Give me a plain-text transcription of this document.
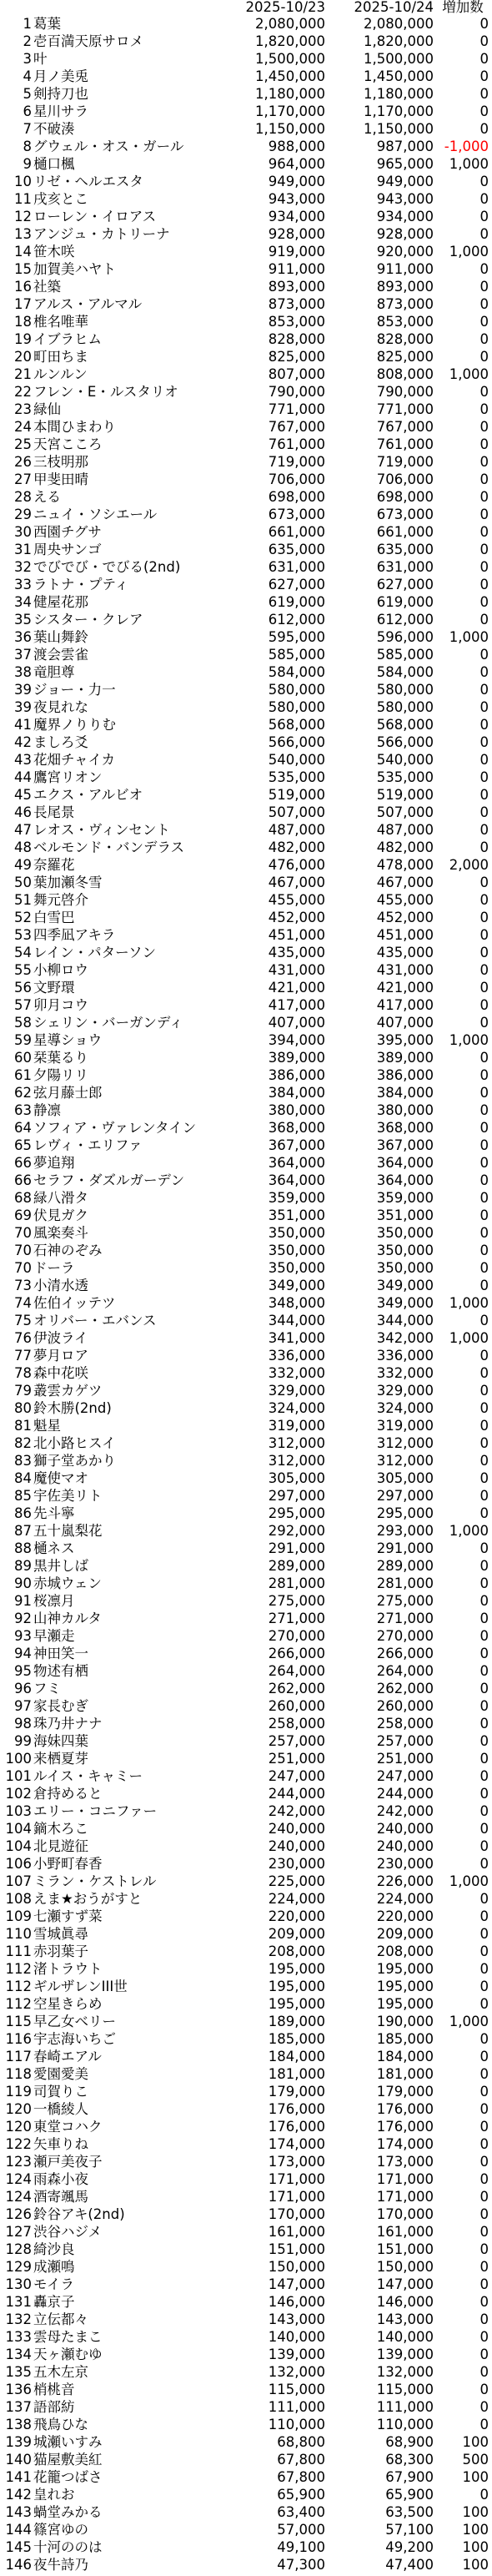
		2025-10/23	2025-10/24	増加数
1	葛葉	2,080,000	2,080,000	0
2	壱百満天原サロメ	1,820,000	1,820,000	0
3	叶	1,500,000	1,500,000	0
4	月ノ美兎	1,450,000	1,450,000	0
5	剣持刀也	1,180,000	1,180,000	0
6	星川サラ	1,170,000	1,170,000	0
7	不破湊	1,150,000	1,150,000	0
8	グウェル・オス・ガール	988,000	987,000	-1,000
9	樋口楓	964,000	965,000	1,000
10	リゼ・ヘルエスタ	949,000	949,000	0
11	戌亥とこ	943,000	943,000	0
12	ローレン・イロアス	934,000	934,000	0
13	アンジュ・カトリーナ	928,000	928,000	0
14	笹木咲	919,000	920,000	1,000
15	加賀美ハヤト	911,000	911,000	0
16	社築	893,000	893,000	0
17	アルス・アルマル	873,000	873,000	0
18	椎名唯華	853,000	853,000	0
19	イブラヒム	828,000	828,000	0
20	町田ちま	825,000	825,000	0
21	ルンルン	807,000	808,000	1,000
22	フレン・E・ルスタリオ	790,000	790,000	0
23	緑仙	771,000	771,000	0
24	本間ひまわり	767,000	767,000	0
25	天宮こころ	761,000	761,000	0
26	三枝明那	719,000	719,000	0
27	甲斐田晴	706,000	706,000	0
28	える	698,000	698,000	0
29	ニュイ・ソシエール	673,000	673,000	0
30	西園チグサ	661,000	661,000	0
31	周央サンゴ	635,000	635,000	0
32	でびでび・でびる(2nd)	631,000	631,000	0
33	ラトナ・プティ	627,000	627,000	0
34	健屋花那	619,000	619,000	0
35	シスター・クレア	612,000	612,000	0
36	葉山舞鈴	595,000	596,000	1,000
37	渡会雲雀	585,000	585,000	0
38	竜胆尊	584,000	584,000	0
39	ジョー・力一	580,000	580,000	0
39	夜見れな	580,000	580,000	0
41	魔界ノりりむ	568,000	568,000	0
42	ましろ爻	566,000	566,000	0
43	花畑チャイカ	540,000	540,000	0
44	鷹宮リオン	535,000	535,000	0
45	エクス・アルビオ	519,000	519,000	0
46	長尾景	507,000	507,000	0
47	レオス・ヴィンセント	487,000	487,000	0
48	ベルモンド・バンデラス	482,000	482,000	0
49	奈羅花	476,000	478,000	2,000
50	葉加瀬冬雪	467,000	467,000	0
51	舞元啓介	455,000	455,000	0
52	白雪巴	452,000	452,000	0
53	四季凪アキラ	451,000	451,000	0
54	レイン・パターソン	435,000	435,000	0
55	小柳ロウ	431,000	431,000	0
56	文野環	421,000	421,000	0
57	卯月コウ	417,000	417,000	0
58	シェリン・バーガンディ	407,000	407,000	0
59	星導ショウ	394,000	395,000	1,000
60	栞葉るり	389,000	389,000	0
61	夕陽リリ	386,000	386,000	0
62	弦月藤士郎	384,000	384,000	0
63	静凛	380,000	380,000	0
64	ソフィア・ヴァレンタイン	368,000	368,000	0
65	レヴィ・エリファ	367,000	367,000	0
66	夢追翔	364,000	364,000	0
66	セラフ・ダズルガーデン	364,000	364,000	0
68	緑八滑タ	359,000	359,000	0
69	伏見ガク	351,000	351,000	0
70	風楽奏斗	350,000	350,000	0
70	石神のぞみ	350,000	350,000	0
70	ドーラ	350,000	350,000	0
73	小清水透	349,000	349,000	0
74	佐伯イッテツ	348,000	349,000	1,000
75	オリバー・エバンス	344,000	344,000	0
76	伊波ライ	341,000	342,000	1,000
77	夢月ロア	336,000	336,000	0
78	森中花咲	332,000	332,000	0
79	叢雲カゲツ	329,000	329,000	0
80	鈴木勝(2nd)	324,000	324,000	0
81	魁星	319,000	319,000	0
82	北小路ヒスイ	312,000	312,000	0
83	獅子堂あかり	312,000	312,000	0
84	魔使マオ	305,000	305,000	0
85	宇佐美リト	297,000	297,000	0
86	先斗寧	295,000	295,000	0
87	五十嵐梨花	292,000	293,000	1,000
88	樋ネス	291,000	291,000	0
89	黒井しば	289,000	289,000	0
90	赤城ウェン	281,000	281,000	0
91	桜凛月	275,000	275,000	0
92	山神カルタ	271,000	271,000	0
93	早瀬走	270,000	270,000	0
94	神田笑一	266,000	266,000	0
95	物述有栖	264,000	264,000	0
96	フミ	262,000	262,000	0
97	家長むぎ	260,000	260,000	0
98	珠乃井ナナ	258,000	258,000	0
99	海妹四葉	257,000	257,000	0
100	来栖夏芽	251,000	251,000	0
101	ルイス・キャミー	247,000	247,000	0
102	倉持めると	244,000	244,000	0
103	エリー・コニファー	242,000	242,000	0
104	鏑木ろこ	240,000	240,000	0
104	北見遊征	240,000	240,000	0
106	小野町春香	230,000	230,000	0
107	ミラン・ケストレル	225,000	226,000	1,000
108	えま★おうがすと	224,000	224,000	0
109	七瀬すず菜	220,000	220,000	0
110	雪城眞尋	209,000	209,000	0
111	赤羽葉子	208,000	208,000	0
112	渚トラウト	195,000	195,000	0
112	ギルザレンIII世	195,000	195,000	0
112	空星きらめ	195,000	195,000	0
115	早乙女ベリー	189,000	190,000	1,000
116	宇志海いちご	185,000	185,000	0
117	春崎エアル	184,000	184,000	0
118	愛園愛美	181,000	181,000	0
119	司賀りこ	179,000	179,000	0
120	一橋綾人	176,000	176,000	0
120	東堂コハク	176,000	176,000	0
122	矢車りね	174,000	174,000	0
123	瀬戸美夜子	173,000	173,000	0
124	雨森小夜	171,000	171,000	0
124	酒寄颯馬	171,000	171,000	0
126	鈴谷アキ(2nd)	170,000	170,000	0
127	渋谷ハジメ	161,000	161,000	0
128	綺沙良	151,000	151,000	0
129	成瀬鳴	150,000	150,000	0
130	モイラ	147,000	147,000	0
131	轟京子	146,000	146,000	0
132	立伝都々	143,000	143,000	0
133	雲母たまこ	140,000	140,000	0
134	天ヶ瀬むゆ	139,000	139,000	0
135	五木左京	132,000	132,000	0
136	梢桃音	115,000	115,000	0
137	語部紡	111,000	111,000	0
138	飛鳥ひな	110,000	110,000	0
139	城瀬いすみ	68,800	68,900	100
140	猫屋敷美紅	67,800	68,300	500
141	花籠つばさ	67,800	67,900	100
142	皇れお	65,900	65,900	0
143	蝸堂みかる	63,400	63,500	100
144	篠宮ゆの	57,000	57,100	100
145	十河ののは	49,100	49,200	100
146	夜牛詩乃	47,300	47,400	100
